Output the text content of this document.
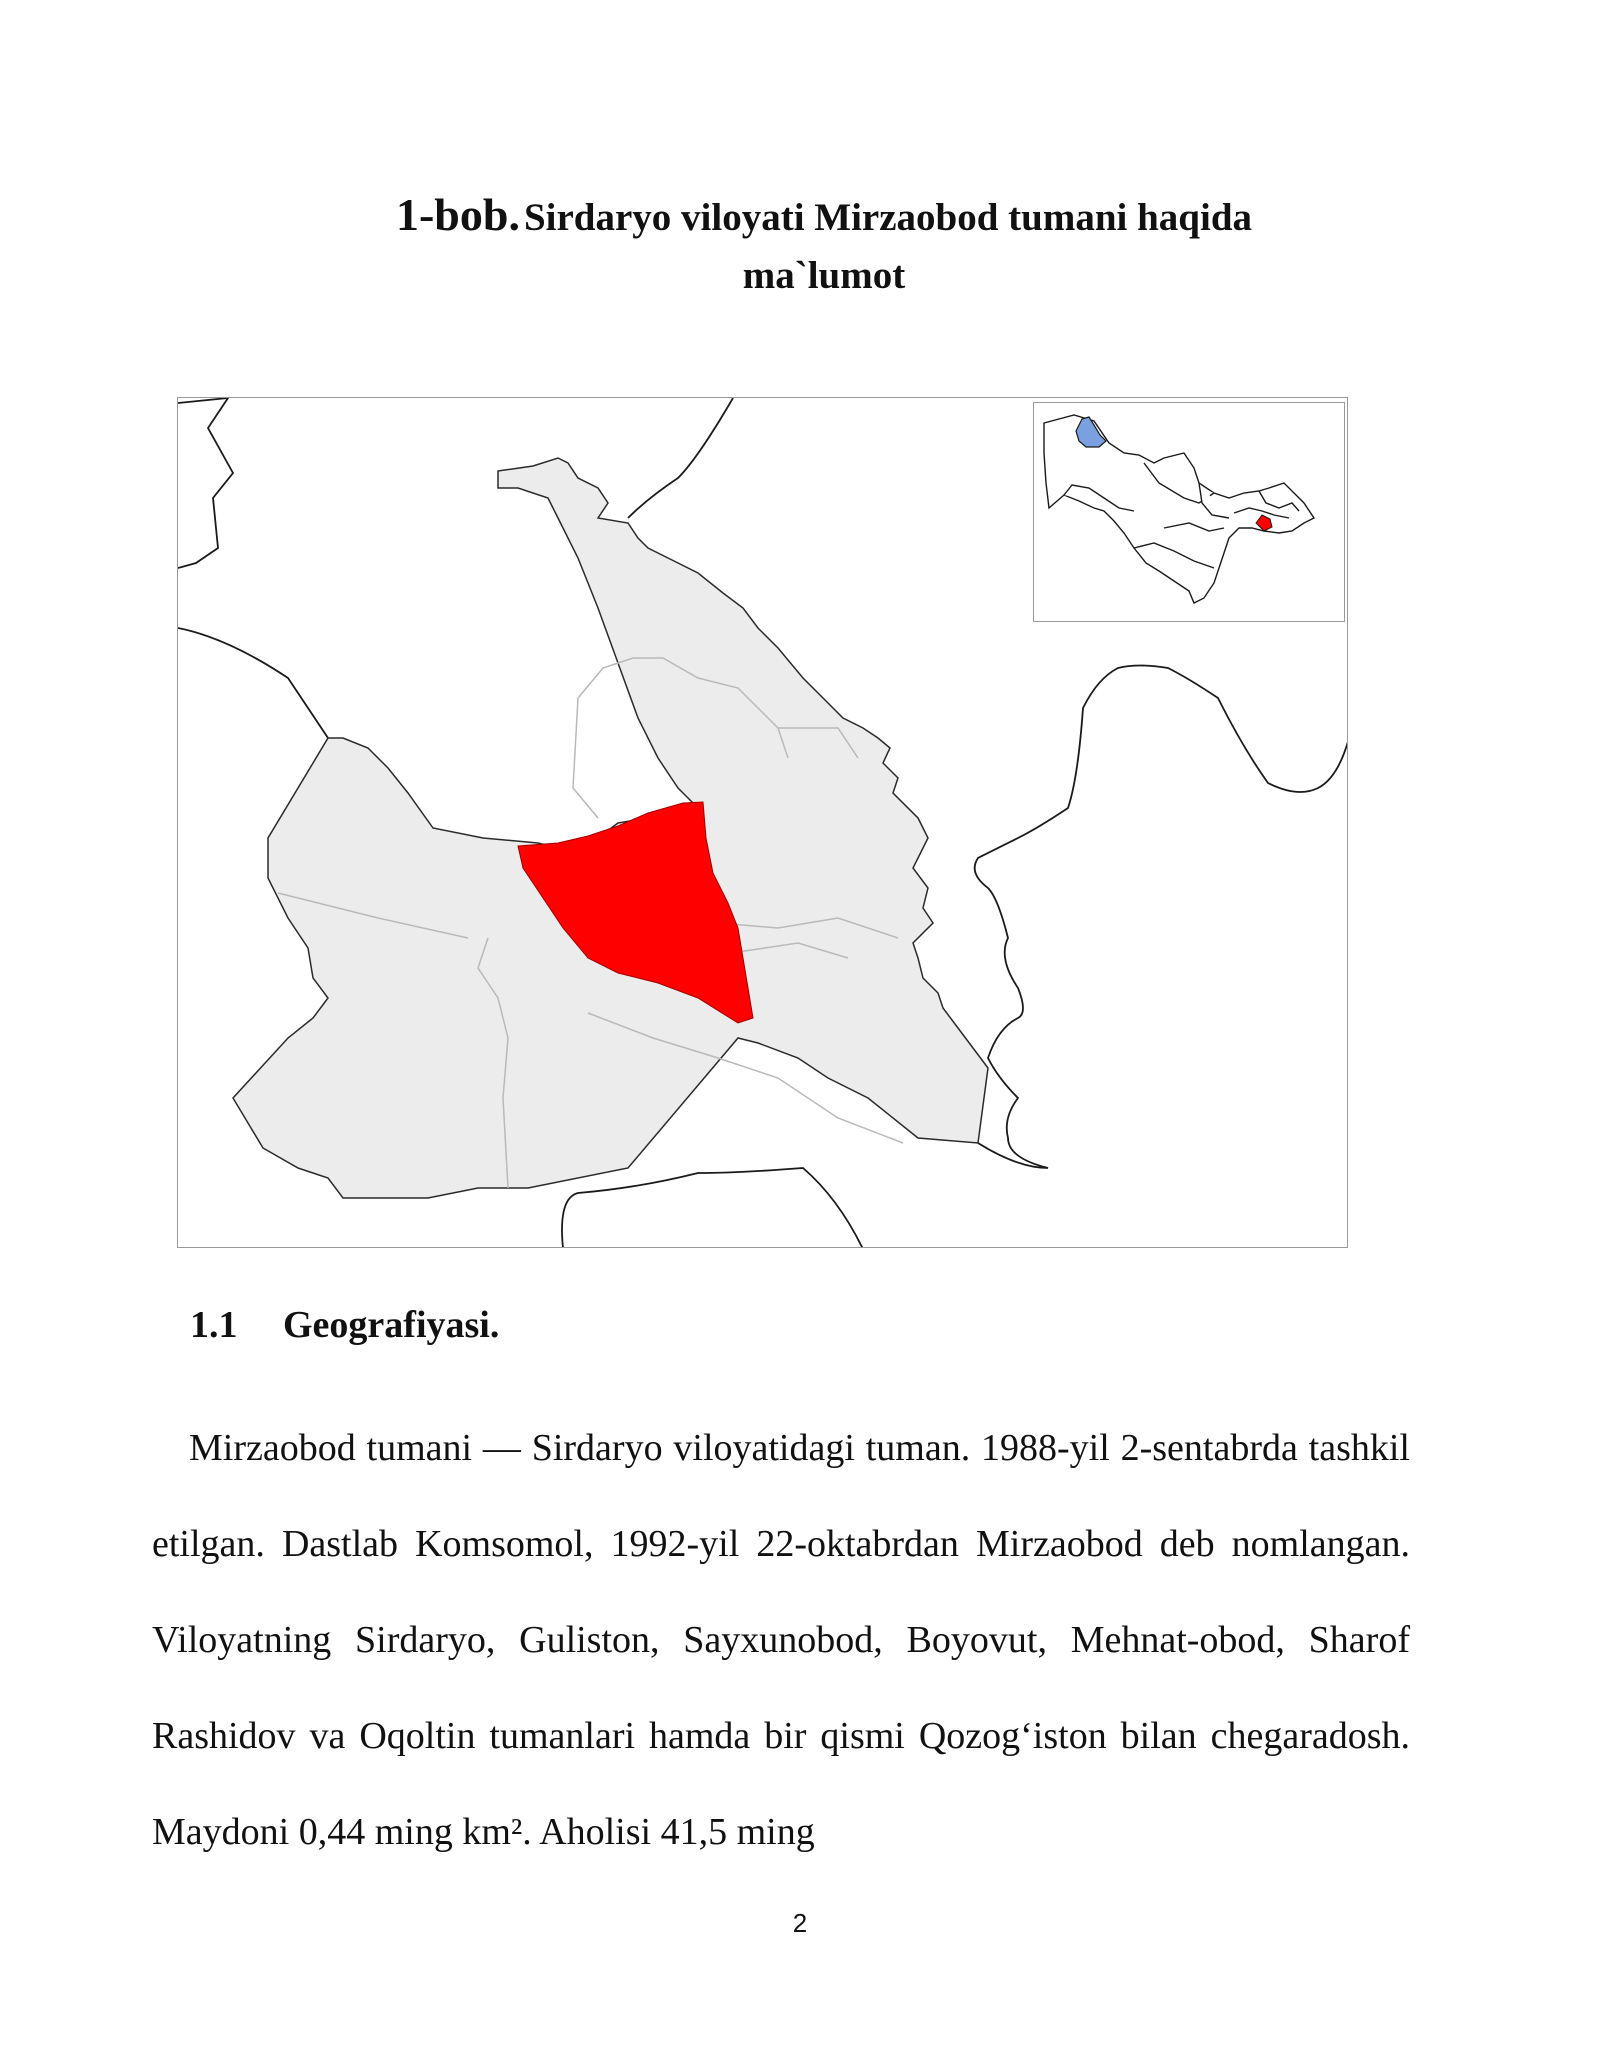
1-bob. Sirdaryo viloyati Mirzaobod tumani haqida
ma`lumot
1.1 Geografiyasi.

Mirzaobod tumani — Sirdaryo viloyatidagi tuman. 1988-yil 2-sentabrda tashkil etilgan. Dastlab Komsomol, 1992-yil 22-oktabrdan Mirzaobod deb nomlangan. Viloyatning Sirdaryo, Guliston, Sayxunobod, Boyovut, Mehnat-obod, Sharof Rashidov va Oqoltin tumanlari hamda bir qismi Qozog‘iston bilan chegaradosh. Maydoni 0,44 ming km². Aholisi 41,5 ming

2
